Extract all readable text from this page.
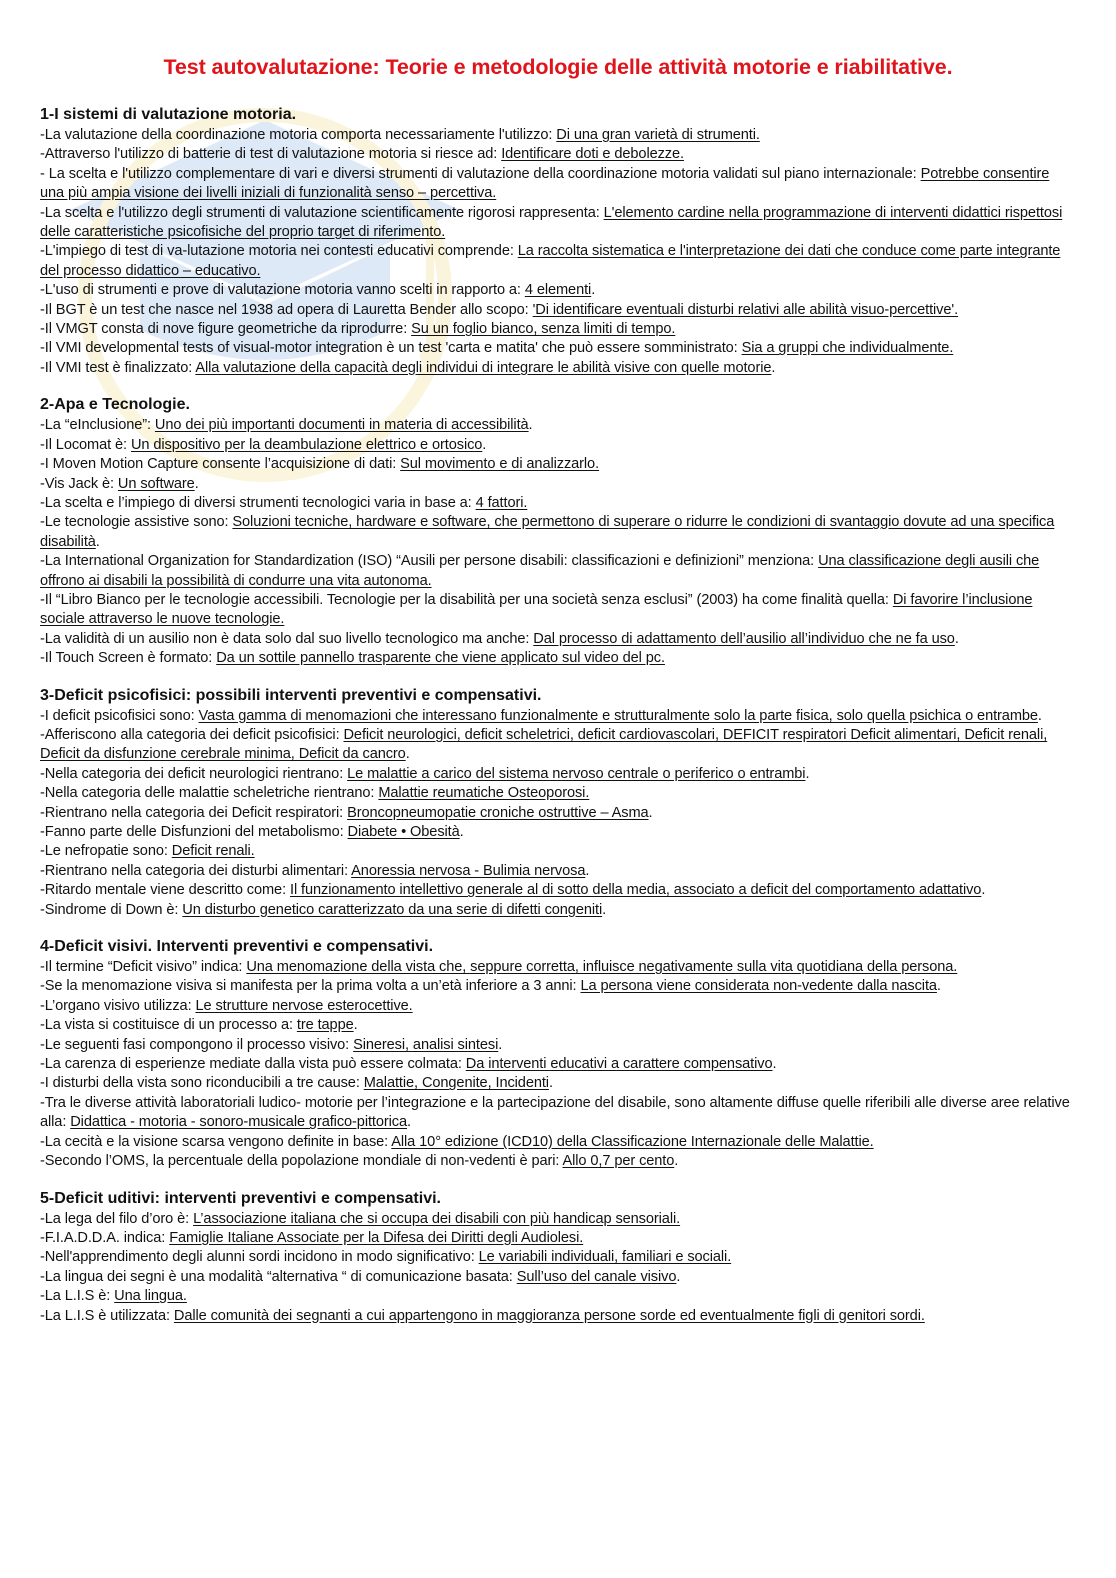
Test autovalutazione: Teorie e metodologie delle attività motorie e riabilitative.
1-I sistemi di valutazione motoria.
-La valutazione della coordinazione motoria comporta necessariamente l'utilizzo: Di una gran varietà di strumenti.
-Attraverso l'utilizzo di batterie di test di valutazione motoria si riesce ad: Identificare doti e debolezze.
- La scelta e l'utilizzo complementare di vari e diversi strumenti di valutazione della coordinazione motoria validati sul piano internazionale: Potrebbe consentire una più ampia visione dei livelli iniziali di funzionalità senso – percettiva.
-La scelta e l'utilizzo degli strumenti di valutazione scientificamente rigorosi rappresenta: L'elemento cardine nella programmazione di interventi didattici rispettosi delle caratteristiche psicofisiche del proprio target di riferimento.
-L'impiego di test di va-lutazione motoria nei contesti educativi comprende: La raccolta sistematica e l'interpretazione dei dati che conduce come parte integrante del processo didattico – educativo.
-L'uso di strumenti e prove di valutazione motoria vanno scelti in rapporto a: 4 elementi.
-Il BGT è un test che nasce nel 1938 ad opera di Lauretta Bender allo scopo: 'Di identificare eventuali disturbi relativi alle abilità visuo-percettive'.
-Il VMGT consta di nove figure geometriche da riprodurre: Su un foglio bianco, senza limiti di tempo.
-Il VMI developmental tests of visual-motor integration è un test 'carta e matita' che può essere somministrato: Sia a gruppi che individualmente.
-Il VMI test è finalizzato: Alla valutazione della capacità degli individui di integrare le abilità visive con quelle motorie.
2-Apa e Tecnologie.
-La “eInclusione”: Uno dei più importanti documenti in materia di accessibilità.
-Il Locomat è: Un dispositivo per la deambulazione elettrico e ortosico.
-I Moven Motion Capture consente l’acquisizione di dati: Sul movimento e di analizzarlo.
-Vis Jack è: Un software.
-La scelta e l’impiego di diversi strumenti tecnologici varia in base a: 4 fattori.
-Le tecnologie assistive sono: Soluzioni tecniche, hardware e software, che permettono di superare o ridurre le condizioni di svantaggio dovute ad una specifica disabilità.
-La International Organization for Standardization (ISO) “Ausili per persone disabili: classificazioni e definizioni” menziona: Una classificazione degli ausili che offrono ai disabili la possibilità di condurre una vita autonoma.
-Il “Libro Bianco per le tecnologie accessibili. Tecnologie per la disabilità per una società senza esclusi” (2003) ha come finalità quella: Di favorire l’inclusione sociale attraverso le nuove tecnologie.
-La validità di un ausilio non è data solo dal suo livello tecnologico ma anche: Dal processo di adattamento dell’ausilio all’individuo che ne fa uso.
-Il Touch Screen è formato: Da un sottile pannello trasparente che viene applicato sul video del pc.
3-Deficit psicofisici: possibili interventi preventivi e compensativi.
-I deficit psicofisici sono: Vasta gamma di menomazioni che interessano funzionalmente e strutturalmente solo la parte fisica, solo quella psichica o entrambe.
-Afferiscono alla categoria dei deficit psicofisici: Deficit neurologici, deficit scheletrici, deficit cardiovascolari, DEFICIT respiratori Deficit alimentari, Deficit renali, Deficit da disfunzione cerebrale minima, Deficit da cancro.
-Nella categoria dei deficit neurologici rientrano: Le malattie a carico del sistema nervoso centrale o periferico o entrambi.
-Nella categoria delle malattie scheletriche rientrano: Malattie reumatiche Osteoporosi.
-Rientrano nella categoria dei Deficit respiratori: Broncopneumopatie croniche ostruttive – Asma.
-Fanno parte delle Disfunzioni del metabolismo: Diabete • Obesità.
-Le nefropatie sono: Deficit renali.
-Rientrano nella categoria dei disturbi alimentari: Anoressia nervosa - Bulimia nervosa.
-Ritardo mentale viene descritto come: Il funzionamento intellettivo generale al di sotto della media, associato a deficit del comportamento adattativo.
-Sindrome di Down è: Un disturbo genetico caratterizzato da una serie di difetti congeniti.
4-Deficit visivi. Interventi preventivi e compensativi.
-Il termine “Deficit visivo” indica: Una menomazione della vista che, seppure corretta, influisce negativamente sulla vita quotidiana della persona.
-Se la menomazione visiva si manifesta per la prima volta a un’età inferiore a 3 anni: La persona viene considerata non-vedente dalla nascita.
-L’organo visivo utilizza: Le strutture nervose esterocettive.
-La vista si costituisce di un processo a: tre tappe.
-Le seguenti fasi compongono il processo visivo: Sineresi, analisi sintesi.
-La carenza di esperienze mediate dalla vista può essere colmata: Da interventi educativi a carattere compensativo.
-I disturbi della vista sono riconducibili a tre cause: Malattie, Congenite, Incidenti.
-Tra le diverse attività laboratoriali ludico- motorie per l’integrazione e la partecipazione del disabile, sono altamente diffuse quelle riferibili alle diverse aree relative alla: Didattica - motoria - sonoro-musicale grafico-pittorica.
-La cecità e la visione scarsa vengono definite in base: Alla 10° edizione (ICD10) della Classificazione Internazionale delle Malattie.
-Secondo l’OMS, la percentuale della popolazione mondiale di non-vedenti è pari: Allo 0,7 per cento.
5-Deficit uditivi: interventi preventivi e compensativi.
-La lega del filo d’oro è: L’associazione italiana che si occupa dei disabili con più handicap sensoriali.
-F.I.A.D.D.A. indica: Famiglie Italiane Associate per la Difesa dei Diritti degli Audiolesi.
-Nell'apprendimento degli alunni sordi incidono in modo significativo: Le variabili individuali, familiari e sociali.
-La lingua dei segni è una modalità “alternativa “ di comunicazione basata: Sull’uso del canale visivo.
-La L.I.S è: Una lingua.
-La L.I.S è utilizzata: Dalle comunità dei segnanti a cui appartengono in maggioranza persone sorde ed eventualmente figli di genitori sordi.
